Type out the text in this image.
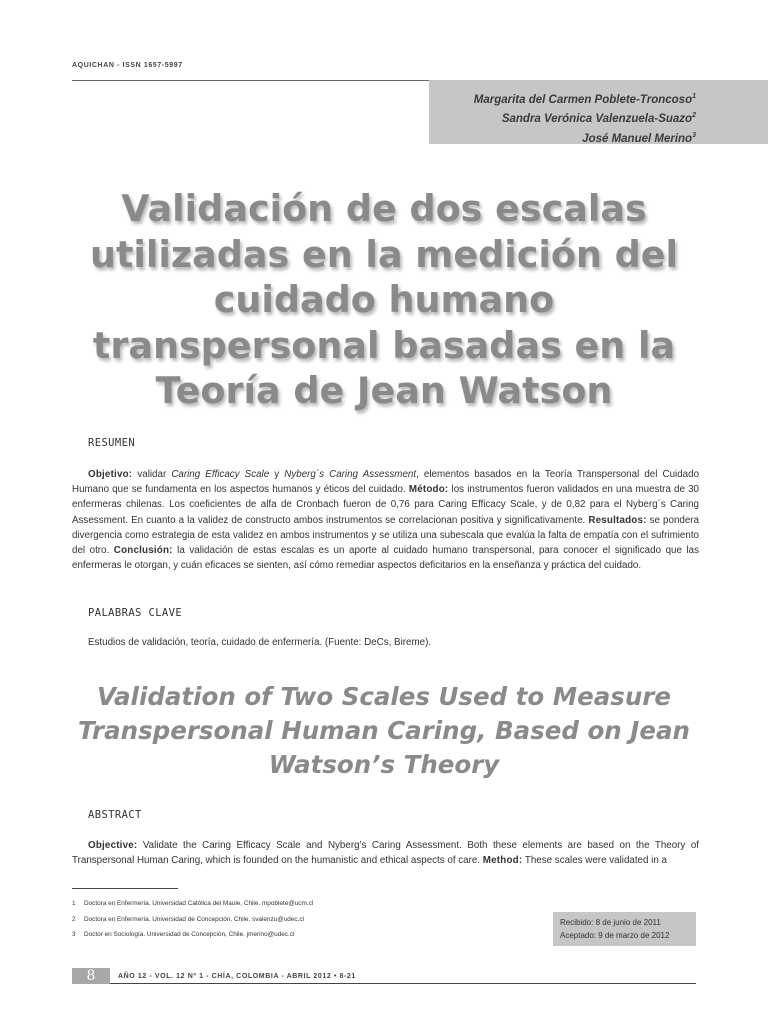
AQUICHAN - ISSN 1657-5997
Margarita del Carmen Poblete-Troncoso$^1$
Sandra Verónica Valenzuela-Suazo$^2$
José Manuel Merino$^3$
Validación de dos escalas utilizadas en la medición del cuidado humano transpersonal basadas en la Teoría de Jean Watson
RESUMEN

Objetivo: validar Caring Efficacy Scale y Nyberg´s Caring Assessment, elementos basados en la Teoría Transpersonal del Cuidado Humano que se fundamenta en los aspectos humanos y éticos del cuidado. Método: los instrumentos fueron validados en una muestra de 30 enfermeras chilenas. Los coeficientes de alfa de Cronbach fueron de 0,76 para Caring Efficacy Scale, y de 0,82 para el Nyberg´s Caring Assessment. En cuanto a la validez de constructo ambos instrumentos se correlacionan positiva y significativamente. Resultados: se pondera divergencia como estrategia de esta validez en ambos instrumentos y se utiliza una subescala que evalúa la falta de empatía con el sufrimiento del otro. Conclusión: la validación de estas escalas es un aporte al cuidado humano transpersonal, para conocer el significado que las enfermeras le otorgan, y cuán eficaces se sienten, así cómo remediar aspectos deficitarios en la enseñanza y práctica del cuidado.

PALABRAS CLAVE
Estudios de validación, teoría, cuidado de enfermería. (Fuente: DeCs, Bireme).
Validation of Two Scales Used to Measure Transpersonal Human Caring, Based on Jean Watson’s Theory
ABSTRACT

Objective: Validate the Caring Efficacy Scale and Nyberg’s Caring Assessment. Both these elements are based on the Theory of Transpersonal Human Caring, which is founded on the humanistic and ethical aspects of care. Method: These scales were validated in a

1 Doctora en Enfermería. Universidad Católica del Maule, Chile. mpoblete@ucm.cl
2 Doctora en Enfermería. Universidad de Concepción, Chile. svalenzu@udec.cl
3 Doctor en Sociología. Universidad de Concepción, Chile. jmerino@udec.cl
Recibido: 8 de junio de 2011
Aceptado: 9 de marzo de 2012
8	AÑO 12 - VOL. 12 Nº 1 - CHÍA, COLOMBIA - ABRIL 2012 • 8-21
